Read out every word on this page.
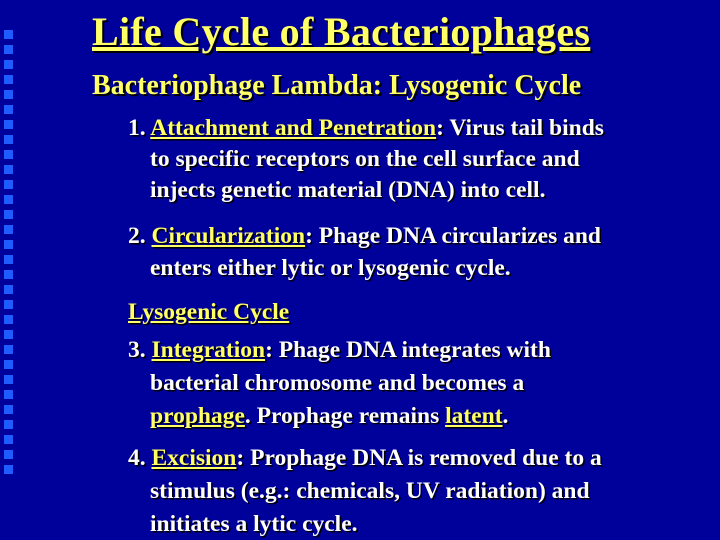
Life Cycle of Bacteriophages
Bacteriophage Lambda: Lysogenic Cycle
1. Attachment and Penetration: Virus tail binds
to specific receptors on the cell surface and
injects genetic material (DNA) into cell.
2. Circularization: Phage DNA circularizes and
enters either lytic or lysogenic cycle.
Lysogenic Cycle
3. Integration: Phage DNA integrates with
bacterial chromosome and becomes a
prophage. Prophage remains latent.
4. Excision: Prophage DNA is removed due to a
stimulus (e.g.: chemicals, UV radiation) and
initiates a lytic cycle.
